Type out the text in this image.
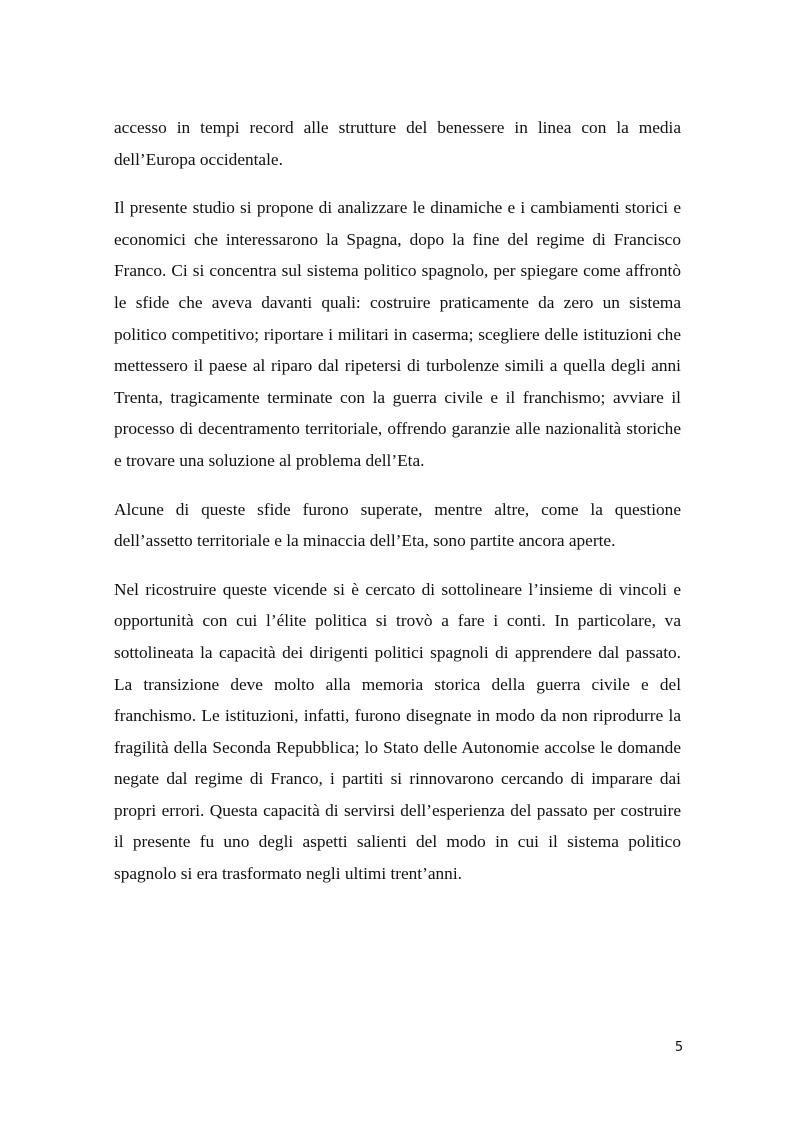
accesso in tempi record alle strutture del benessere in linea con la media dell’Europa occidentale.

Il presente studio si propone di analizzare le dinamiche e i cambiamenti storici e economici che interessarono la Spagna, dopo la fine del regime di Francisco Franco. Ci si concentra sul sistema politico spagnolo, per spiegare come affrontò le sfide che aveva davanti quali: costruire praticamente da zero un sistema politico competitivo; riportare i militari in caserma; scegliere delle istituzioni che mettessero il paese al riparo dal ripetersi di turbolenze simili a quella degli anni Trenta, tragicamente terminate con la guerra civile e il franchismo; avviare il processo di decentramento territoriale, offrendo garanzie alle nazionalità storiche e trovare una soluzione al problema dell’Eta.

Alcune di queste sfide furono superate, mentre altre, come la questione dell’assetto territoriale e la minaccia dell’Eta, sono partite ancora aperte.

Nel ricostruire queste vicende si è cercato di sottolineare l’insieme di vincoli e opportunità con cui l’élite politica si trovò a fare i conti. In particolare, va sottolineata la capacità dei dirigenti politici spagnoli di apprendere dal passato. La transizione deve molto alla memoria storica della guerra civile e del franchismo. Le istituzioni, infatti, furono disegnate in modo da non riprodurre la fragilità della Seconda Repubblica; lo Stato delle Autonomie accolse le domande negate dal regime di Franco, i partiti si rinnovarono cercando di imparare dai propri errori. Questa capacità di servirsi dell’esperienza del passato per costruire il presente fu uno degli aspetti salienti del modo in cui il sistema politico spagnolo si era trasformato negli ultimi trent’anni.

5
